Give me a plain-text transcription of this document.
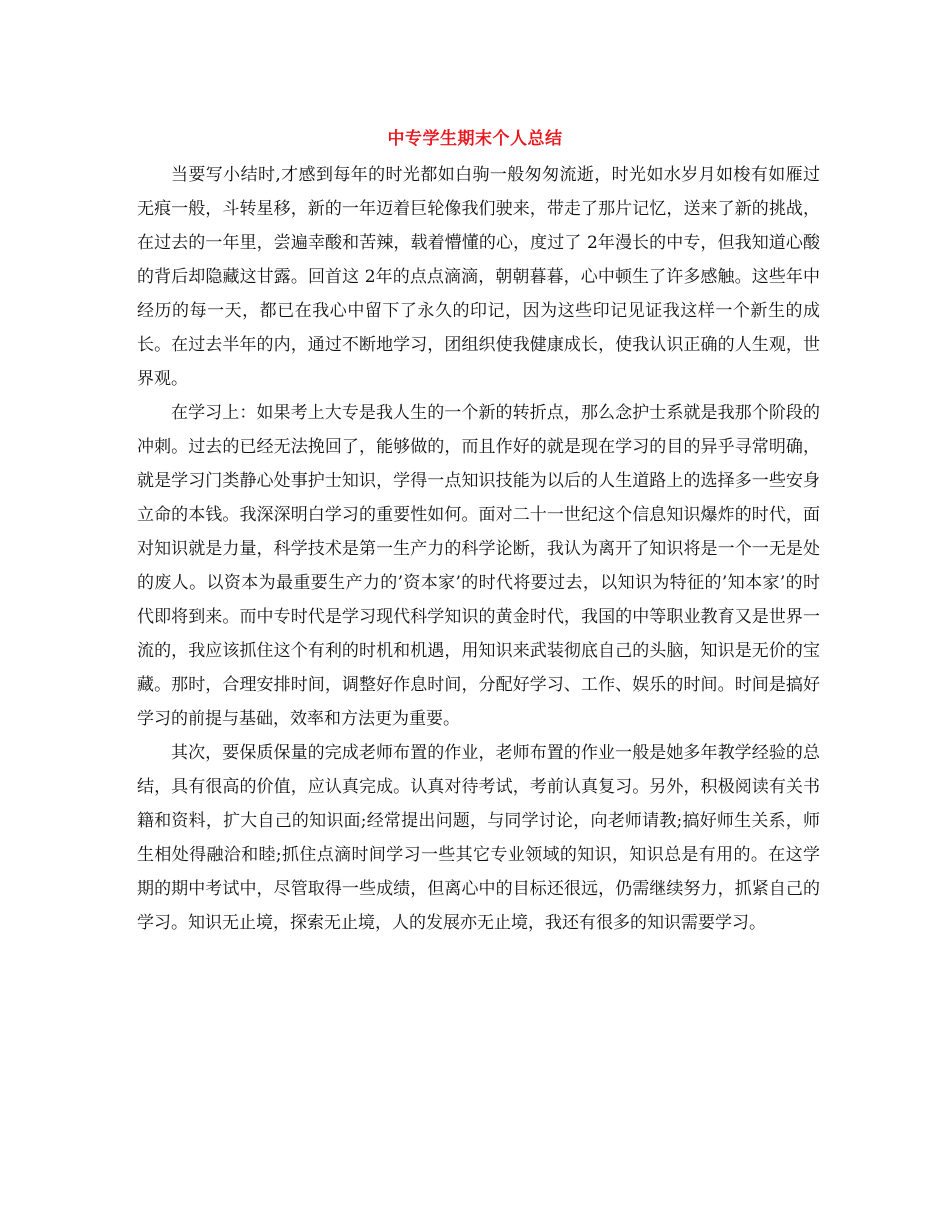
中专学生期末个人总结

当要写小结时,才感到每年的时光都如白驹一般匆匆流逝，时光如水岁月如梭有如雁过无痕一般，斗转星移，新的一年迈着巨轮像我们驶来，带走了那片记忆，送来了新的挑战，在过去的一年里，尝遍幸酸和苦辣，载着懵懂的心，度过了 2年漫长的中专，但我知道心酸的背后却隐藏这甘露。回首这 2年的点点滴滴，朝朝暮暮，心中顿生了许多感触。这些年中经历的每一天，都已在我心中留下了永久的印记，因为这些印记见证我这样一个新生的成长。在过去半年的内，通过不断地学习，团组织使我健康成长，使我认识正确的人生观，世界观。

在学习上：如果考上大专是我人生的一个新的转折点，那么念护士系就是我那个阶段的冲刺。过去的已经无法挽回了，能够做的，而且作好的就是现在学习的目的异乎寻常明确，就是学习门类静心处事护士知识，学得一点知识技能为以后的人生道路上的选择多一些安身立命的本钱。我深深明白学习的重要性如何。面对二十一世纪这个信息知识爆炸的时代，面对知识就是力量，科学技术是第一生产力的科学论断，我认为离开了知识将是一个一无是处的废人。以资本为最重要生产力的’资本家’的时代将要过去，以知识为特征的’知本家’的时代即将到来。而中专时代是学习现代科学知识的黄金时代，我国的中等职业教育又是世界一流的，我应该抓住这个有利的时机和机遇，用知识来武装彻底自己的头脑，知识是无价的宝藏。那时，合理安排时间，调整好作息时间，分配好学习、工作、娱乐的时间。时间是搞好学习的前提与基础，效率和方法更为重要。

其次，要保质保量的完成老师布置的作业，老师布置的作业一般是她多年教学经验的总结，具有很高的价值，应认真完成。认真对待考试，考前认真复习。另外，积极阅读有关书籍和资料，扩大自己的知识面;经常提出问题，与同学讨论，向老师请教;搞好师生关系，师生相处得融洽和睦;抓住点滴时间学习一些其它专业领域的知识，知识总是有用的。在这学期的期中考试中，尽管取得一些成绩，但离心中的目标还很远，仍需继续努力，抓紧自己的学习。知识无止境，探索无止境，人的发展亦无止境，我还有很多的知识需要学习。
